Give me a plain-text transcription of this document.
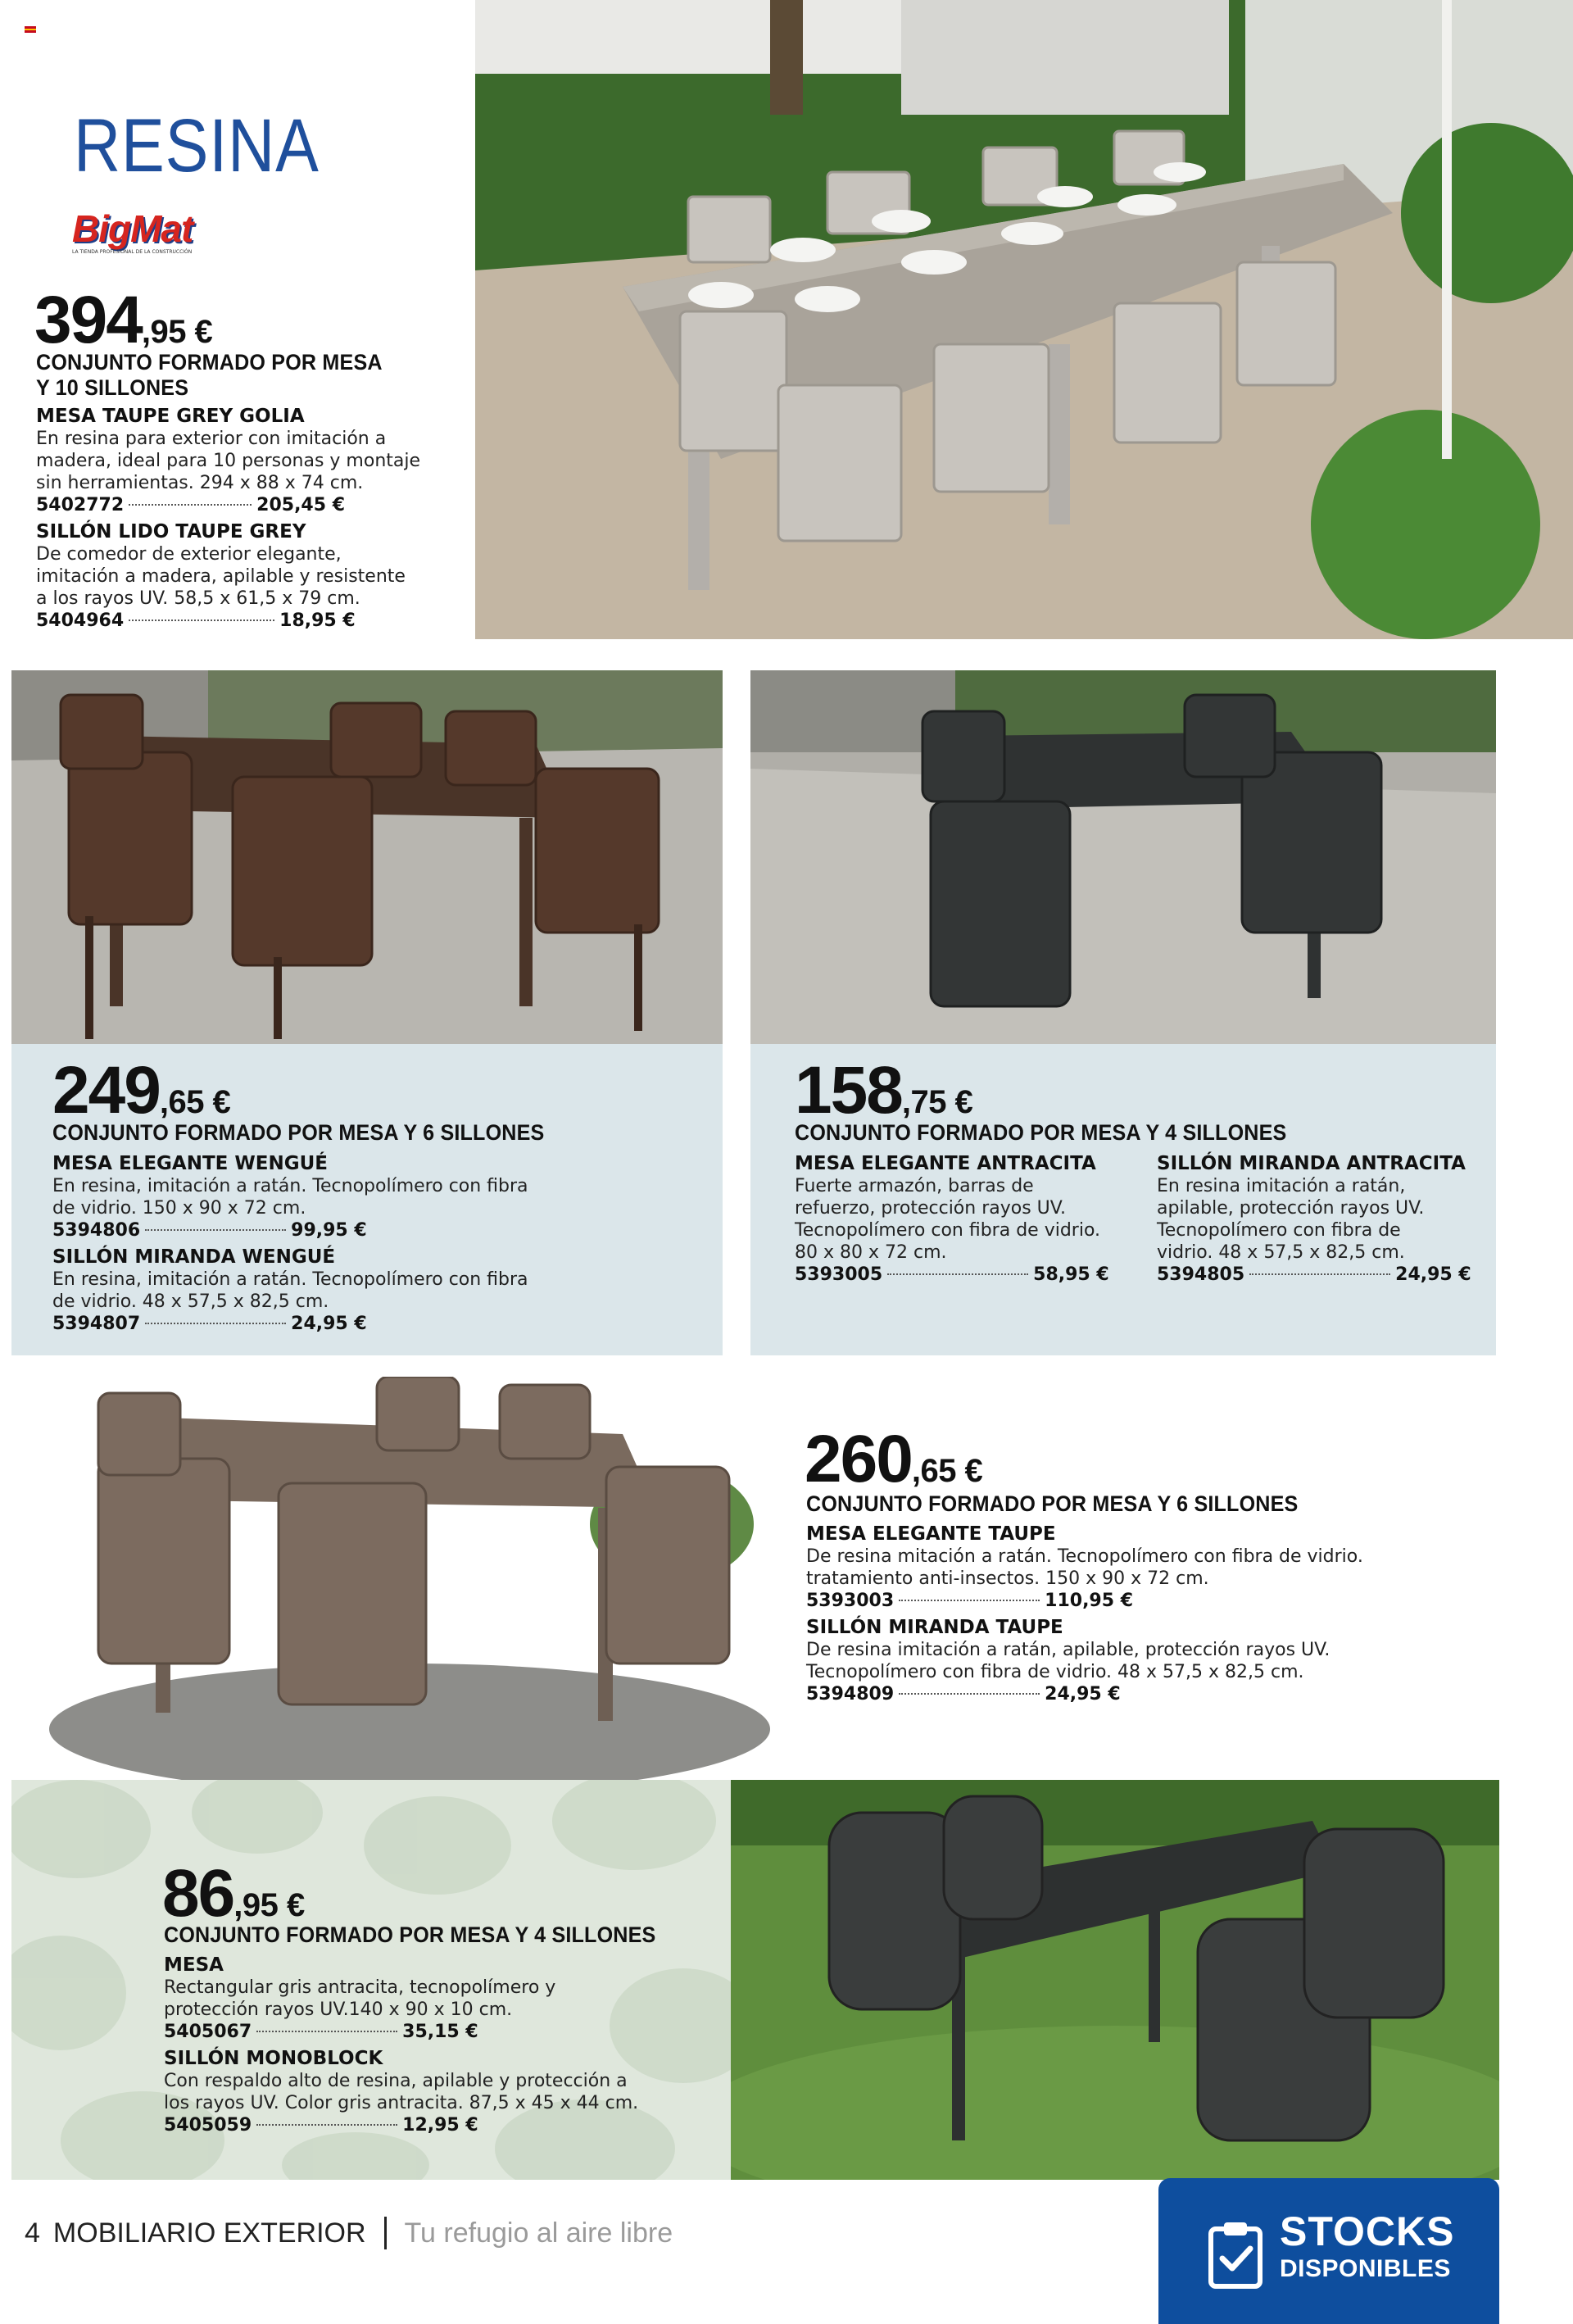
RESINA
BigMat
LA TIENDA PROFESIONAL DE LA CONSTRUCCIÓN
394,95 €
CONJUNTO FORMADO POR MESA
Y 10 SILLONES
MESA TAUPE GREY GOLIA
En resina para exterior con imitación a
madera, ideal para 10 personas y montaje
sin herramientas. 294 x 88 x 74 cm.
5402772	205,45 €
SILLÓN LIDO TAUPE GREY
De comedor de exterior elegante,
imitación a madera, apilable y resistente
a los rayos UV. 58,5 x 61,5 x 79 cm.
5404964	18,95 €
249,65 €
CONJUNTO FORMADO POR MESA Y 6 SILLONES
MESA ELEGANTE WENGUÉ
En resina, imitación a ratán. Tecnopolímero con fibra
de vidrio. 150 x 90 x 72 cm.
5394806	99,95 €
SILLÓN MIRANDA WENGUÉ
En resina, imitación a ratán. Tecnopolímero con fibra
de vidrio. 48 x 57,5 x 82,5 cm.
5394807	24,95 €
158,75 €
CONJUNTO FORMADO POR MESA Y 4 SILLONES
MESA ELEGANTE ANTRACITA
Fuerte armazón, barras de
refuerzo, protección rayos UV.
Tecnopolímero con fibra de vidrio.
80 x 80 x 72 cm.
5393005	58,95 €
SILLÓN MIRANDA ANTRACITA
En resina imitación a ratán,
apilable, protección rayos UV.
Tecnopolímero con fibra de
vidrio. 48 x 57,5 x 82,5 cm.
5394805	24,95 €
260,65 €
CONJUNTO FORMADO POR MESA Y 6 SILLONES
MESA ELEGANTE TAUPE
De resina mitación a ratán. Tecnopolímero con fibra de vidrio.
tratamiento anti-insectos. 150 x 90 x 72 cm.
5393003	110,95 €
SILLÓN MIRANDA TAUPE
De resina imitación a ratán, apilable, protección rayos UV.
Tecnopolímero con fibra de vidrio. 48 x 57,5 x 82,5 cm.
5394809	24,95 €
86,95 €
CONJUNTO FORMADO POR MESA Y 4 SILLONES
MESA
Rectangular gris antracita, tecnopolímero y
protección rayos UV.140 x 90 x 10 cm.
5405067	35,15 €
SILLÓN MONOBLOCK
Con respaldo alto de resina, apilable y protección a
los rayos UV. Color gris antracita. 87,5 x 45 x 44 cm.
5405059	12,95 €
4 MOBILIARIO EXTERIOR Tu refugio al aire libre	STOCKS
DISPONIBLES
